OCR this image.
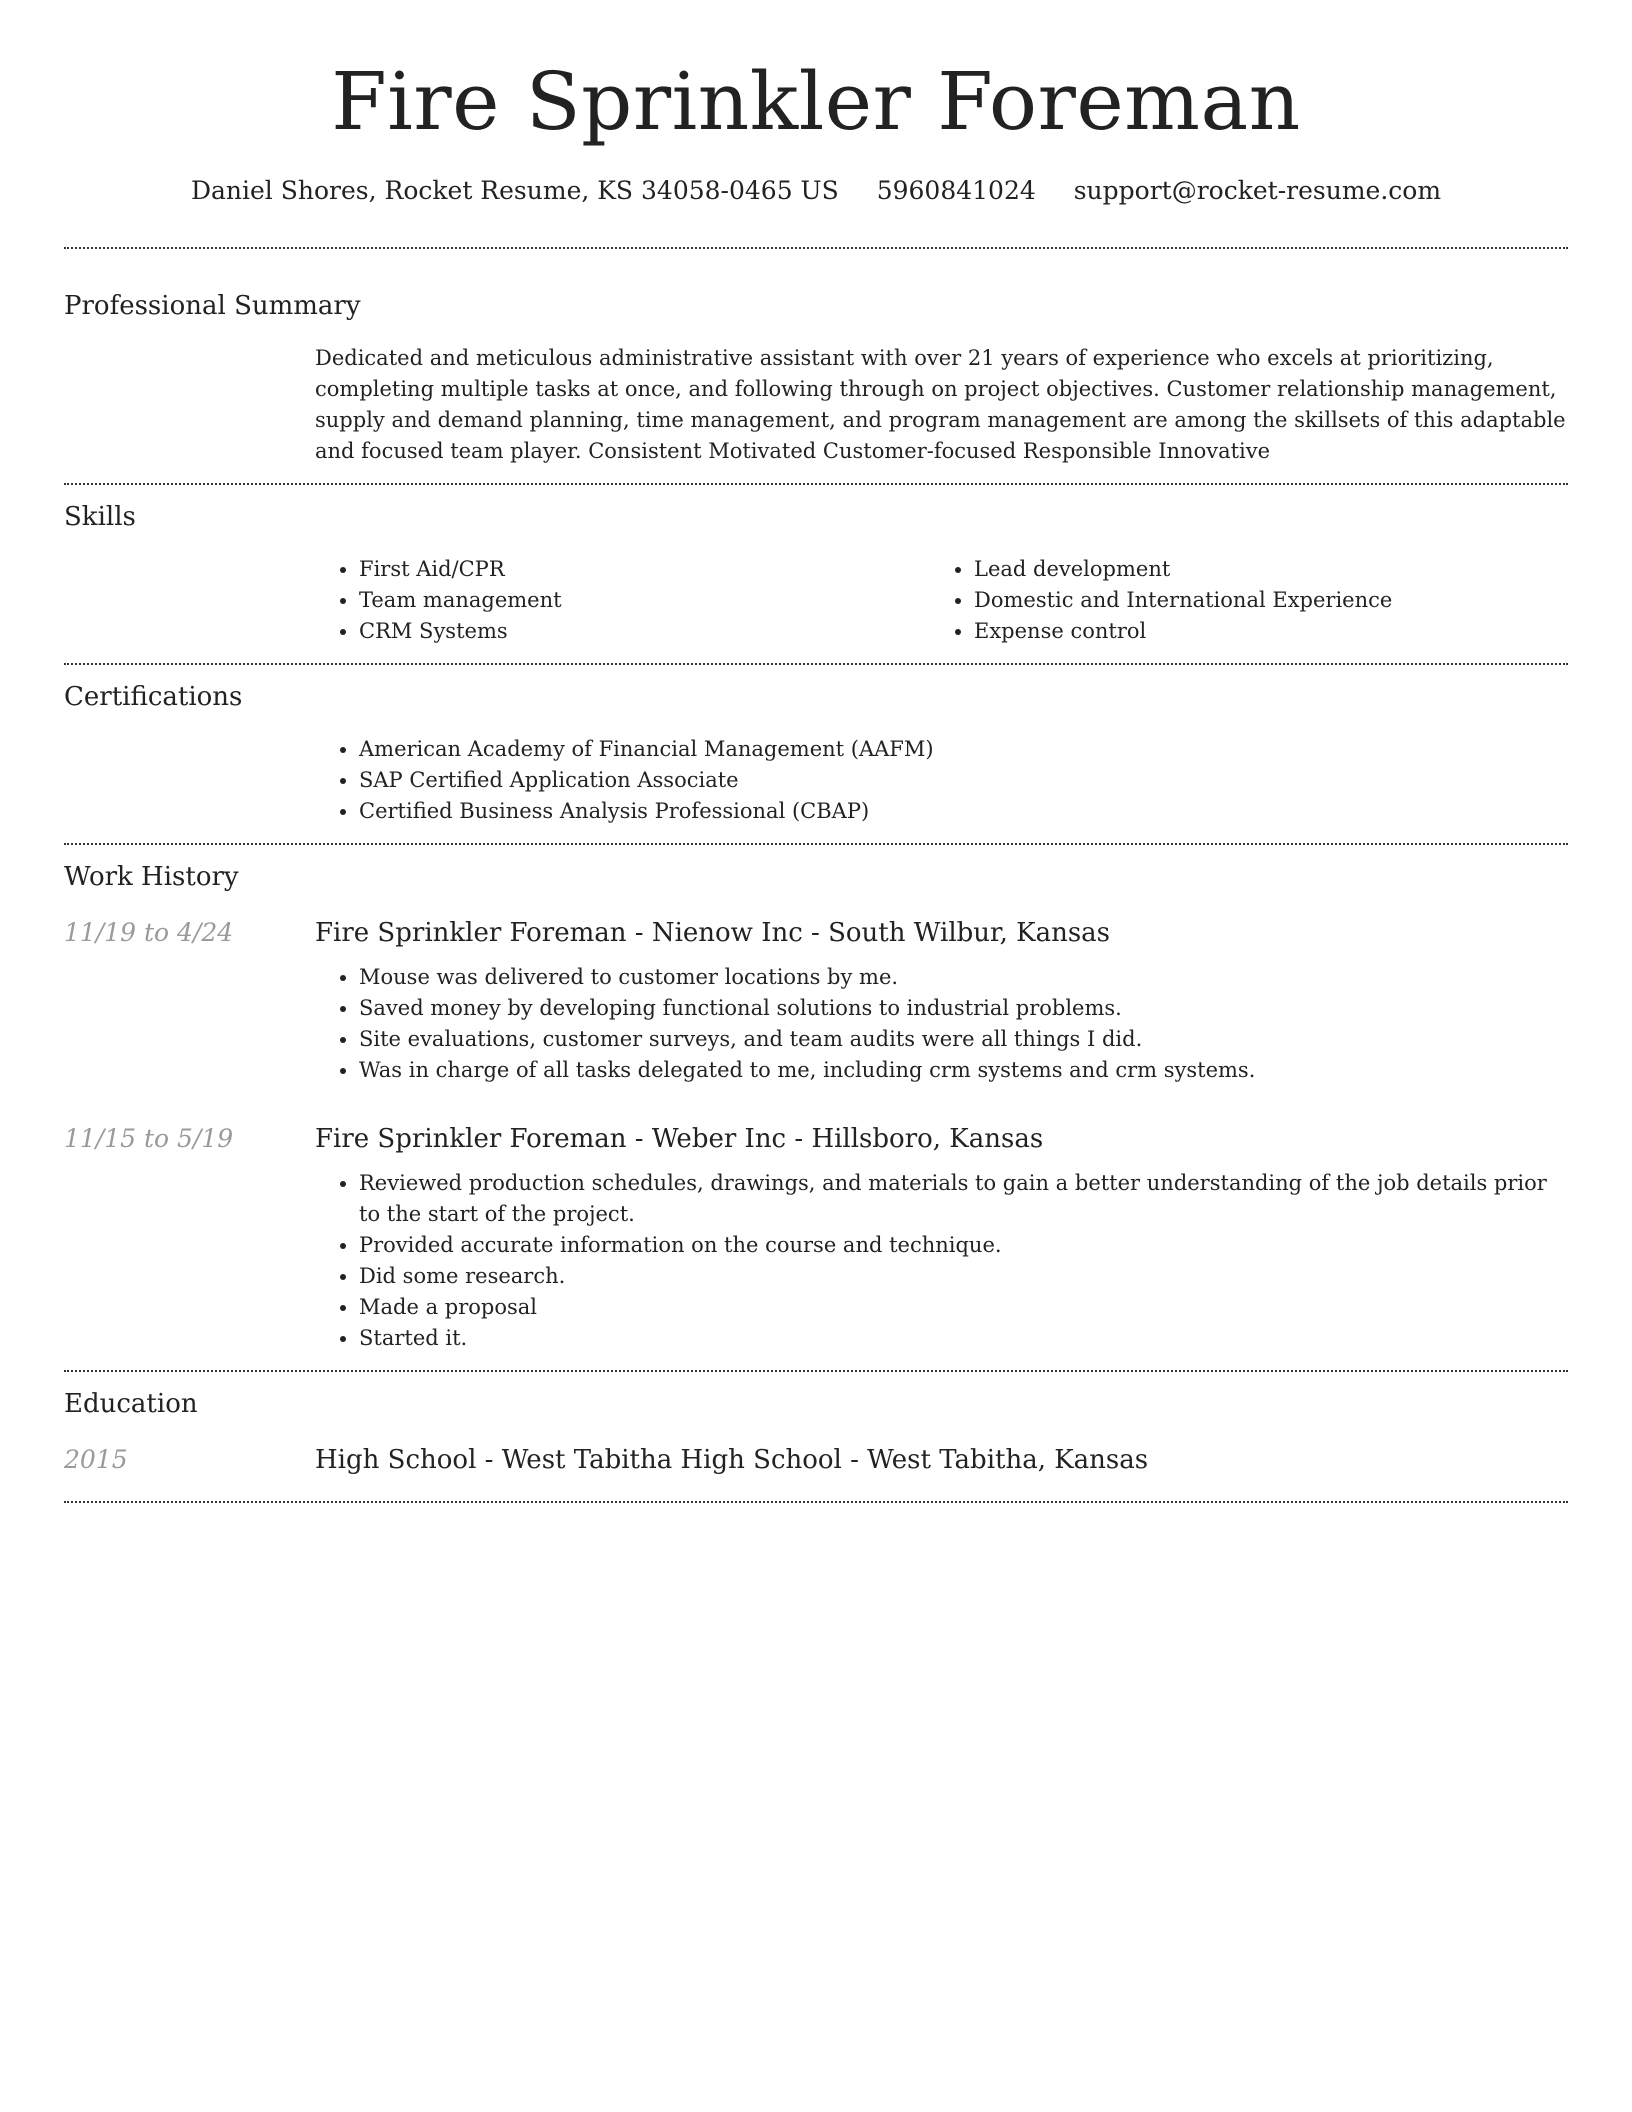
Fire Sprinkler Foreman
Daniel Shores, Rocket Resume, KS 34058-0465 US 5960841024 support@rocket-resume.com
Professional Summary

Dedicated and meticulous administrative assistant with over 21 years of experience who excels at prioritizing, completing multiple tasks at once, and following through on project objectives. Customer relationship management, supply and demand planning, time management, and program management are among the skillsets of this adaptable and focused team player. Consistent Motivated Customer-focused Responsible Innovative

Skills
• First Aid/CPR
• Team management
• CRM Systems
• Lead development
• Domestic and International Experience
• Expense control
Certifications
• American Academy of Financial Management (AAFM)
• SAP Certified Application Associate
• Certified Business Analysis Professional (CBAP)
Work History
11/19 to 4/24	Fire Sprinkler Foreman - Nienow Inc - South Wilbur, Kansas
• Mouse was delivered to customer locations by me.
• Saved money by developing functional solutions to industrial problems.
• Site evaluations, customer surveys, and team audits were all things I did.
• Was in charge of all tasks delegated to me, including crm systems and crm systems.
11/15 to 5/19	Fire Sprinkler Foreman - Weber Inc - Hillsboro, Kansas
• Reviewed production schedules, drawings, and materials to gain a better understanding of the job details prior to the start of the project.
• Provided accurate information on the course and technique.
• Did some research.
• Made a proposal
• Started it.
Education
2015	High School - West Tabitha High School - West Tabitha, Kansas
